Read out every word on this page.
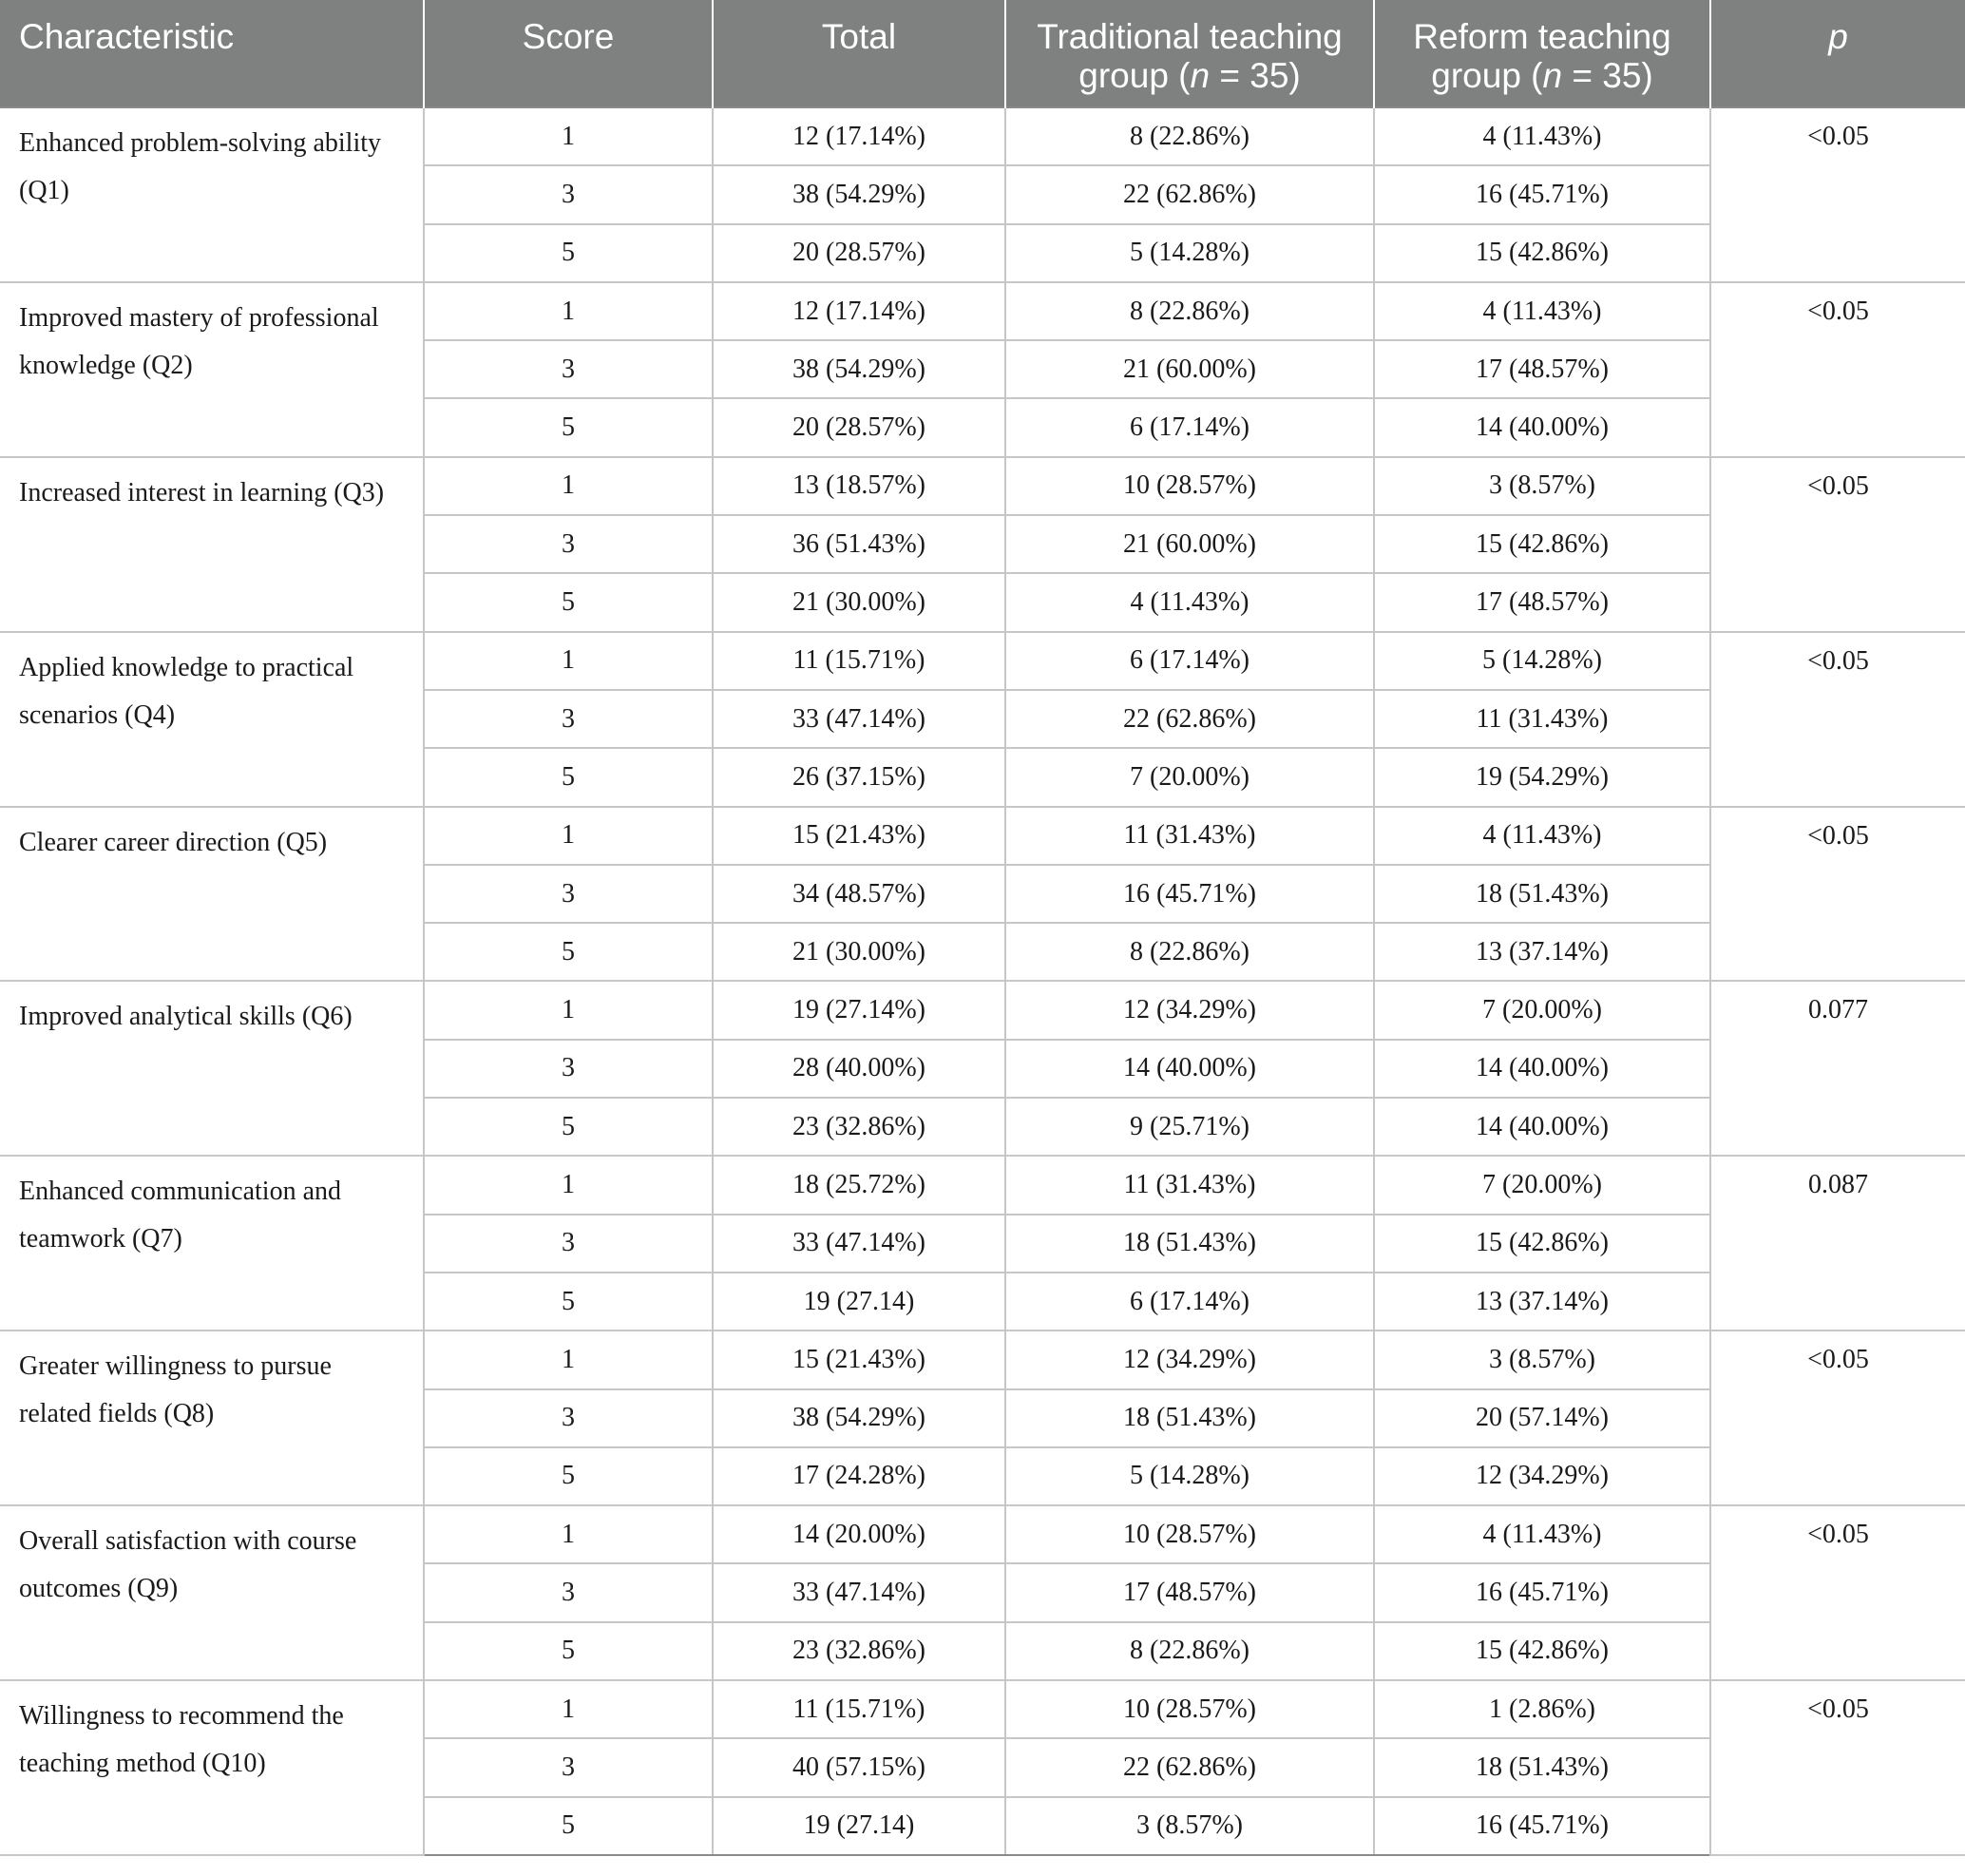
Characteristic	Score	Total	Traditional teaching group (n = 35)	Reform teaching group (n = 35)	p
Enhanced problem-solving ability (Q1)	1	12 (17.14%)	8 (22.86%)	4 (11.43%)	<0.05
	3	38 (54.29%)	22 (62.86%)	16 (45.71%)	
	5	20 (28.57%)	5 (14.28%)	15 (42.86%)	
Improved mastery of professional knowledge (Q2)	1	12 (17.14%)	8 (22.86%)	4 (11.43%)	<0.05
	3	38 (54.29%)	21 (60.00%)	17 (48.57%)	
	5	20 (28.57%)	6 (17.14%)	14 (40.00%)	
Increased interest in learning (Q3)	1	13 (18.57%)	10 (28.57%)	3 (8.57%)	<0.05
	3	36 (51.43%)	21 (60.00%)	15 (42.86%)	
	5	21 (30.00%)	4 (11.43%)	17 (48.57%)	
Applied knowledge to practical scenarios (Q4)	1	11 (15.71%)	6 (17.14%)	5 (14.28%)	<0.05
	3	33 (47.14%)	22 (62.86%)	11 (31.43%)	
	5	26 (37.15%)	7 (20.00%)	19 (54.29%)	
Clearer career direction (Q5)	1	15 (21.43%)	11 (31.43%)	4 (11.43%)	<0.05
	3	34 (48.57%)	16 (45.71%)	18 (51.43%)	
	5	21 (30.00%)	8 (22.86%)	13 (37.14%)	
Improved analytical skills (Q6)	1	19 (27.14%)	12 (34.29%)	7 (20.00%)	0.077
	3	28 (40.00%)	14 (40.00%)	14 (40.00%)	
	5	23 (32.86%)	9 (25.71%)	14 (40.00%)	
Enhanced communication and teamwork (Q7)	1	18 (25.72%)	11 (31.43%)	7 (20.00%)	0.087
	3	33 (47.14%)	18 (51.43%)	15 (42.86%)	
	5	19 (27.14)	6 (17.14%)	13 (37.14%)	
Greater willingness to pursue related fields (Q8)	1	15 (21.43%)	12 (34.29%)	3 (8.57%)	<0.05
	3	38 (54.29%)	18 (51.43%)	20 (57.14%)	
	5	17 (24.28%)	5 (14.28%)	12 (34.29%)	
Overall satisfaction with course outcomes (Q9)	1	14 (20.00%)	10 (28.57%)	4 (11.43%)	<0.05
	3	33 (47.14%)	17 (48.57%)	16 (45.71%)	
	5	23 (32.86%)	8 (22.86%)	15 (42.86%)	
Willingness to recommend the teaching method (Q10)	1	11 (15.71%)	10 (28.57%)	1 (2.86%)	<0.05
	3	40 (57.15%)	22 (62.86%)	18 (51.43%)	
	5	19 (27.14)	3 (8.57%)	16 (45.71%)	
